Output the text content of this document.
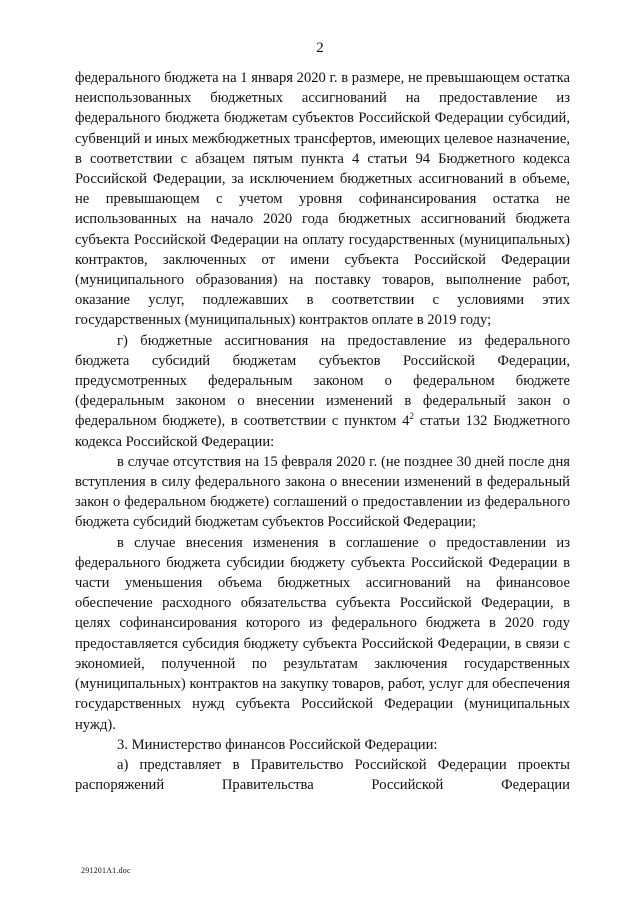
2

федерального бюджета на 1 января 2020 г. в размере, не превышающем остатка неиспользованных бюджетных ассигнований на предоставление из федерального бюджета бюджетам субъектов Российской Федерации субсидий, субвенций и иных межбюджетных трансфертов, имеющих целевое назначение, в соответствии с абзацем пятым пункта 4 статьи 94 Бюджетного кодекса Российской Федерации, за исключением бюджетных ассигнований в объеме, не превышающем с учетом уровня софинансирования остатка не использованных на начало 2020 года бюджетных ассигнований бюджета субъекта Российской Федерации на оплату государственных (муниципальных) контрактов, заключенных от имени субъекта Российской Федерации (муниципального образования) на поставку товаров, выполнение работ, оказание услуг, подлежавших в соответствии с условиями этих государственных (муниципальных) контрактов оплате в 2019 году;

г) бюджетные ассигнования на предоставление из федерального бюджета субсидий бюджетам субъектов Российской Федерации, предусмотренных федеральным законом о федеральном бюджете (федеральным законом о внесении изменений в федеральный закон о федеральном бюджете), в соответствии с пунктом $4^2$ статьи 132 Бюджетного кодекса Российской Федерации:

в случае отсутствия на 15 февраля 2020 г. (не позднее 30 дней после дня вступления в силу федерального закона о внесении изменений в федеральный закон о федеральном бюджете) соглашений о предоставлении из федерального бюджета субсидий бюджетам субъектов Российской Федерации;

в случае внесения изменения в соглашение о предоставлении из федерального бюджета субсидии бюджету субъекта Российской Федерации в части уменьшения объема бюджетных ассигнований на финансовое обеспечение расходного обязательства субъекта Российской Федерации, в целях софинансирования которого из федерального бюджета в 2020 году предоставляется субсидия бюджету субъекта Российской Федерации, в связи с экономией, полученной по результатам заключения государственных (муниципальных) контрактов на закупку товаров, работ, услуг для обеспечения государственных нужд субъекта Российской Федерации (муниципальных нужд).

3. Министерство финансов Российской Федерации:

а) представляет в Правительство Российской Федерации проекты распоряжений Правительства Российской Федерации

291201A1.doc
